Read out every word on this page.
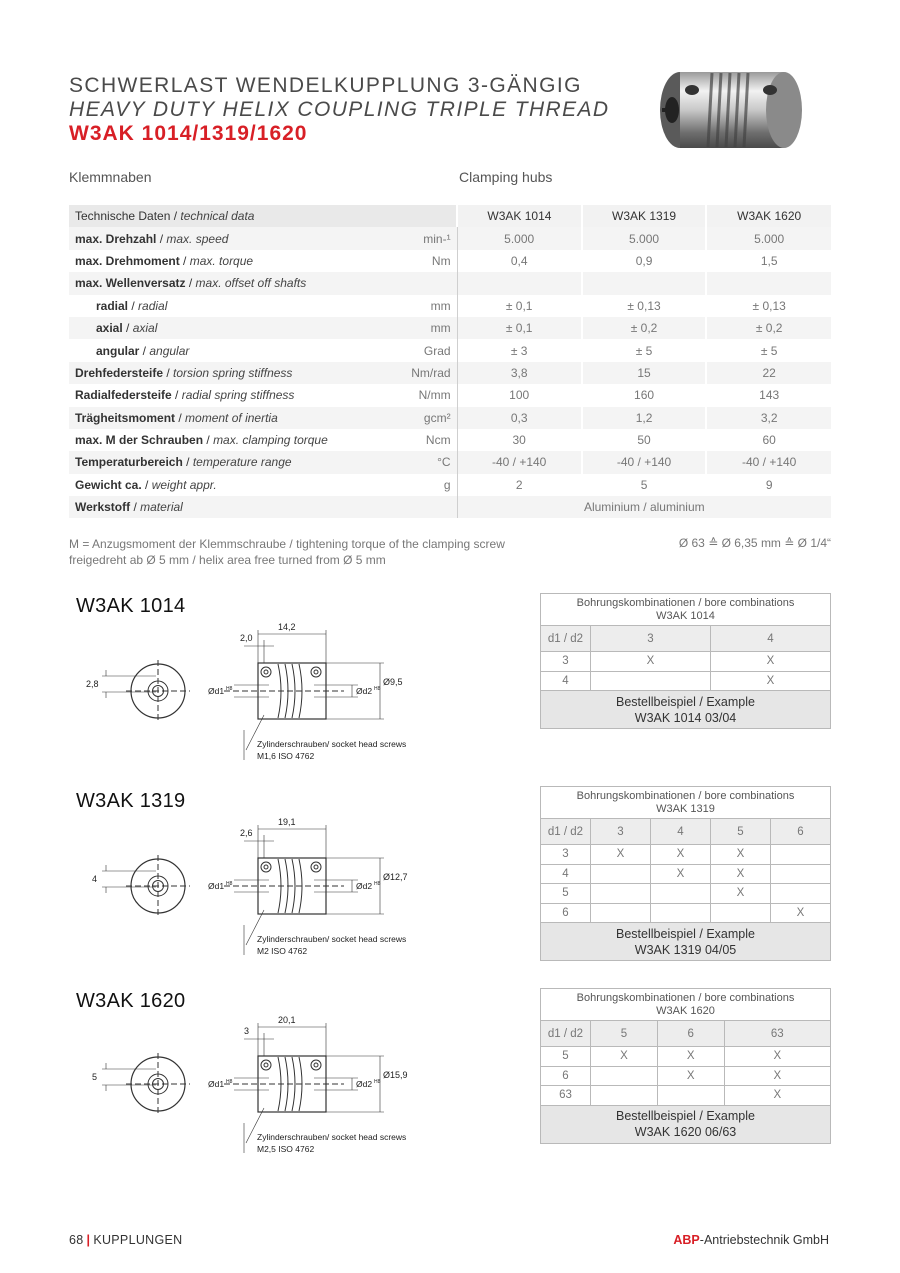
SCHWERLAST WENDELKUPPLUNG 3-GÄNGIG
HEAVY DUTY HELIX COUPLING TRIPLE THREAD
W3AK 1014/1319/1620
Klemmnaben	Clamping hubs
Technische Daten / technical data		W3AK 1014	W3AK 1319	W3AK 1620
max. Drehzahl / max. speed	min-¹	5.000	5.000	5.000
max. Drehmoment / max. torque	Nm	0,4	0,9	1,5
max. Wellenversatz / max. offset off shafts				
radial / radial	mm	± 0,1	± 0,13	± 0,13
axial / axial	mm	± 0,1	± 0,2	± 0,2
angular / angular	Grad	± 3	± 5	± 5
Drehfedersteife / torsion spring stiffness	Nm/rad	3,8	15	22
Radialfedersteife / radial spring stiffness	N/mm	100	160	143
Trägheitsmoment / moment of inertia	gcm²	0,3	1,2	3,2
max. M der Schrauben / max. clamping torque	Ncm	30	50	60
Temperaturbereich / temperature range	°C	-40 / +140	-40 / +140	-40 / +140
Gewicht ca. / weight appr.	g	2	5	9
Werkstoff / material		Aluminium / aluminium		
M = Anzugsmoment der Klemmschraube / tightening torque of the clamping screw
freigedreht ab Ø 5 mm / helix area free turned from Ø 5 mm
Ø 63 ≙ Ø 6,35 mm ≙ Ø 1/4“
W3AK 1014
14,2
2,0
Ø9,5
2,8
Ød1 H8	Ød2 H8
Zylinderschrauben/ socket head screws
M1,6 ISO 4762
Bohrungskombinationen / bore combinations
W3AK 1014		

d1 / d2	3	4
3	X	X
4		X

Bestellbeispiel / Example
W3AK 1014 03/04		
W3AK 1319
19,1
2,6
Ø12,7
4
Ød1 H8	Ød2 H8
Zylinderschrauben/ socket head screws
M2 ISO 4762
Bohrungskombinationen / bore combinations
W3AK 1319				

d1 / d2	3	4	5	6
3	X	X	X	
4		X	X	
5			X	
6				X

Bestellbeispiel / Example
W3AK 1319 04/05				
W3AK 1620
20,1
3
Ø15,9
5
Ød1 H8	Ød2 H8
Zylinderschrauben/ socket head screws
M2,5 ISO 4762
Bohrungskombinationen / bore combinations
W3AK 1620			

d1 / d2	5	6	63
5	X	X	X
6		X	X
63			X

Bestellbeispiel / Example
W3AK 1620 06/63			
68 | KUPPLUNGEN	ABP-Antriebstechnik GmbH
